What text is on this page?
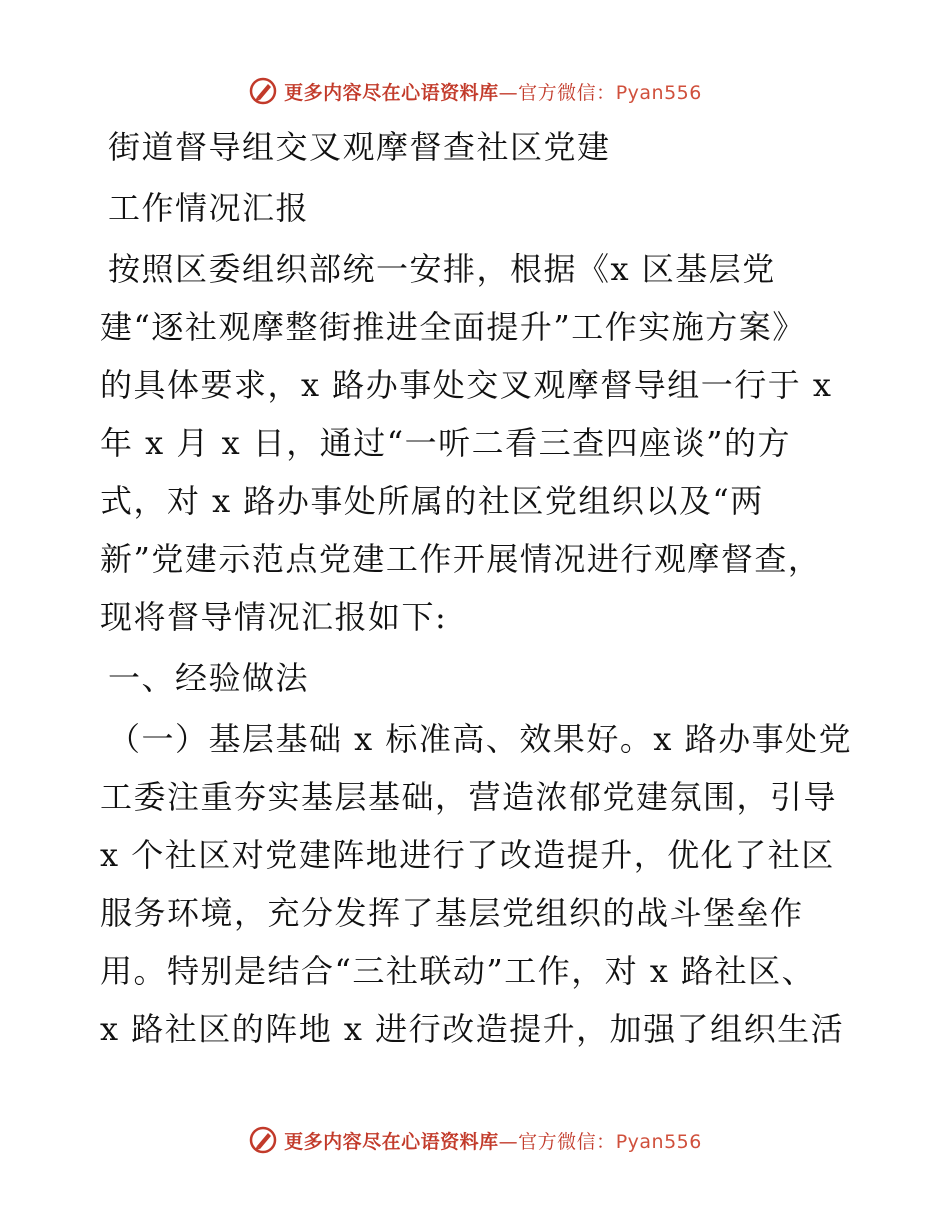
更多内容尽在心语资料库—官方微信：Pyan556
街道督导组交叉观摩督查社区党建
工作情况汇报
按照区委组织部统一安排，根据《x 区基层党
建“逐社观摩整街推进全面提升”工作实施方案》
的具体要求，x 路办事处交叉观摩督导组一行于 x
年 x 月 x 日，通过“一听二看三查四座谈”的方
式，对 x 路办事处所属的社区党组织以及“两
新”党建示范点党建工作开展情况进行观摩督查，
现将督导情况汇报如下:
一、经验做法
（一）基层基础 x 标准高、效果好。x 路办事处党
工委注重夯实基层基础，营造浓郁党建氛围，引导
x 个社区对党建阵地进行了改造提升，优化了社区
服务环境，充分发挥了基层党组织的战斗堡垒作
用。特别是结合“三社联动”工作，对 x 路社区、
x 路社区的阵地 x 进行改造提升，加强了组织生活
更多内容尽在心语资料库—官方微信：Pyan556
